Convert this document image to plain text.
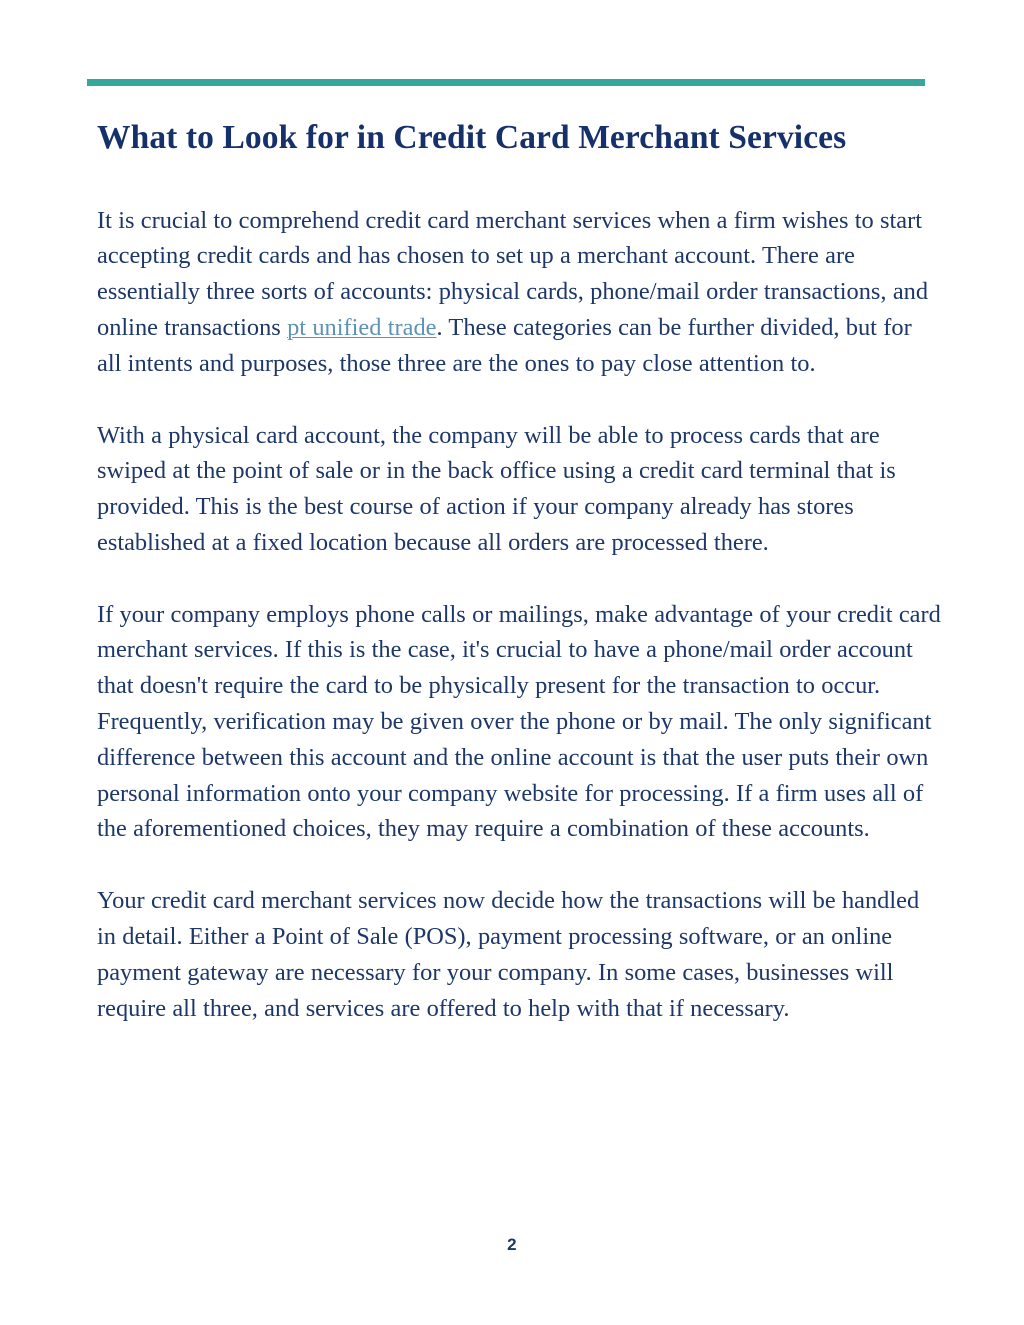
What to Look for in Credit Card Merchant Services

It is crucial to comprehend credit card merchant services when a firm wishes to start accepting credit cards and has chosen to set up a merchant account. There are essentially three sorts of accounts: physical cards, phone/mail order transactions, and online transactions pt unified trade. These categories can be further divided, but for all intents and purposes, those three are the ones to pay close attention to.

With a physical card account, the company will be able to process cards that are swiped at the point of sale or in the back office using a credit card terminal that is provided. This is the best course of action if your company already has stores established at a fixed location because all orders are processed there.

If your company employs phone calls or mailings, make advantage of your credit card merchant services. If this is the case, it's crucial to have a phone/mail order account that doesn't require the card to be physically present for the transaction to occur. Frequently, verification may be given over the phone or by mail. The only significant difference between this account and the online account is that the user puts their own personal information onto your company website for processing. If a firm uses all of the aforementioned choices, they may require a combination of these accounts.

Your credit card merchant services now decide how the transactions will be handled in detail. Either a Point of Sale (POS), payment processing software, or an online payment gateway are necessary for your company. In some cases, businesses will require all three, and services are offered to help with that if necessary.

2
